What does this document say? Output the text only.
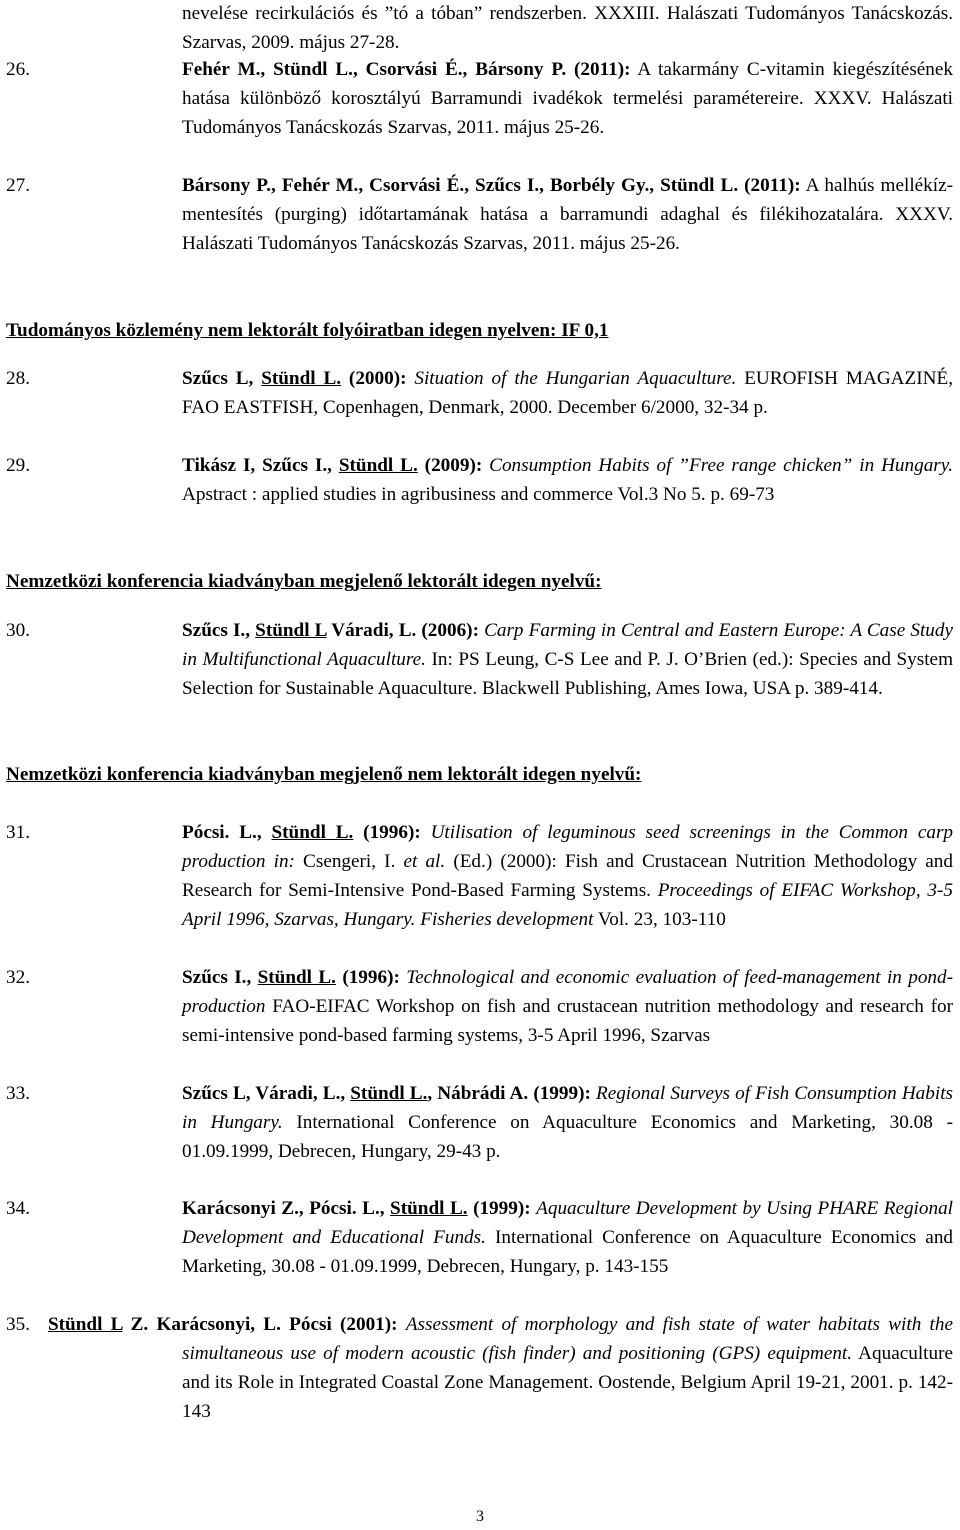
nevelése recirkulációs és ”tó a tóban” rendszerben. XXXIII. Halászati Tudományos Tanácskozás. Szarvas, 2009. május 27-28.
26.	Fehér M., Stündl L., Csorvási É., Bársony P. (2011): A takarmány C-vitamin kiegészítésének hatása különböző korosztályú Barramundi ivadékok termelési paramétereire. XXXV. Halászati Tudományos Tanácskozás Szarvas, 2011. május 25-26.
27.	Bársony P., Fehér M., Csorvási É., Szűcs I., Borbély Gy., Stündl L. (2011): A halhús mellékíz-mentesítés (purging) időtartamának hatása a barramundi adaghal és filékihozatalára. XXXV. Halászati Tudományos Tanácskozás Szarvas, 2011. május 25-26.
Tudományos közlemény nem lektorált folyóiratban idegen nyelven: IF 0,1
28.	Szűcs L, Stündl L. (2000): Situation of the Hungarian Aquaculture. EUROFISH MAGAZINÉ, FAO EASTFISH, Copenhagen, Denmark, 2000. December 6/2000, 32-34 p.
29.	Tikász I, Szűcs I., Stündl L. (2009): Consumption Habits of ”Free range chicken” in Hungary. Apstract : applied studies in agribusiness and commerce Vol.3 No 5. p. 69-73
Nemzetközi konferencia kiadványban megjelenő lektorált idegen nyelvű:
30.	Szűcs I., Stündl L Váradi, L. (2006): Carp Farming in Central and Eastern Europe: A Case Study in Multifunctional Aquaculture. In: PS Leung, C-S Lee and P. J. O’Brien (ed.): Species and System Selection for Sustainable Aquaculture. Blackwell Publishing, Ames Iowa, USA p. 389-414.
Nemzetközi konferencia kiadványban megjelenő nem lektorált idegen nyelvű:
31.	Pócsi. L., Stündl L. (1996): Utilisation of leguminous seed screenings in the Common carp production in: Csengeri, I. et al. (Ed.) (2000): Fish and Crustacean Nutrition Methodology and Research for Semi-Intensive Pond-Based Farming Systems. Proceedings of EIFAC Workshop, 3-5 April 1996, Szarvas, Hungary. Fisheries development Vol. 23, 103-110
32.	Szűcs I., Stündl L. (1996): Technological and economic evaluation of feed-management in pond-production FAO-EIFAC Workshop on fish and crustacean nutrition methodology and research for semi-intensive pond-based farming systems, 3-5 April 1996, Szarvas
33.	Szűcs L, Váradi, L., Stündl L., Nábrádi A. (1999): Regional Surveys of Fish Consumption Habits in Hungary. International Conference on Aquaculture Economics and Marketing, 30.08 - 01.09.1999, Debrecen, Hungary, 29-43 p.
34.	Karácsonyi Z., Pócsi. L., Stündl L. (1999): Aquaculture Development by Using PHARE Regional Development and Educational Funds. International Conference on Aquaculture Economics and Marketing, 30.08 - 01.09.1999, Debrecen, Hungary, p. 143-155
35. Stündl L Z. Karácsonyi, L. Pócsi (2001): Assessment of morphology and fish state of water habitats with the simultaneous use of modern acoustic (fish finder) and positioning (GPS) equipment. Aquaculture and its Role in Integrated Coastal Zone Management. Oostende, Belgium April 19-21, 2001. p. 142-143
3
